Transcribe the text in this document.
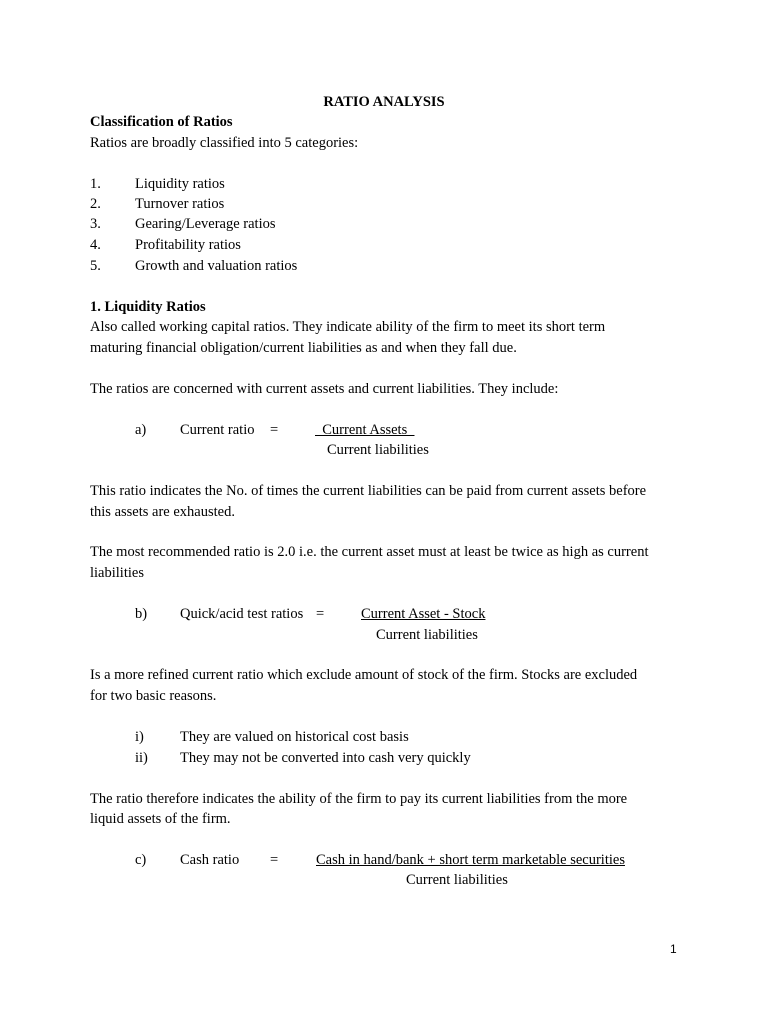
RATIO ANALYSIS
Classification of Ratios
Ratios are broadly classified into 5 categories:
1. Liquidity ratios
2. Turnover ratios
3. Gearing/Leverage ratios
4. Profitability ratios
5. Growth and valuation ratios
1. Liquidity Ratios
Also called working capital ratios. They indicate ability of the firm to meet its short term
maturing financial obligation/current liabilities as and when they fall due.
The ratios are concerned with current assets and current liabilities. They include:
a) Current ratio =	Current Assets
Current liabilities
This ratio indicates the No. of times the current liabilities can be paid from current assets before
this assets are exhausted.
The most recommended ratio is 2.0 i.e. the current asset must at least be twice as high as current
liabilities
b) Quick/acid test ratios =	Current Asset - Stock
Current liabilities
Is a more refined current ratio which exclude amount of stock of the firm. Stocks are excluded
for two basic reasons.
i) They are valued on historical cost basis
ii) They may not be converted into cash very quickly
The ratio therefore indicates the ability of the firm to pay its current liabilities from the more
liquid assets of the firm.
c) Cash ratio =	Cash in hand/bank + short term marketable securities
Current liabilities
1
